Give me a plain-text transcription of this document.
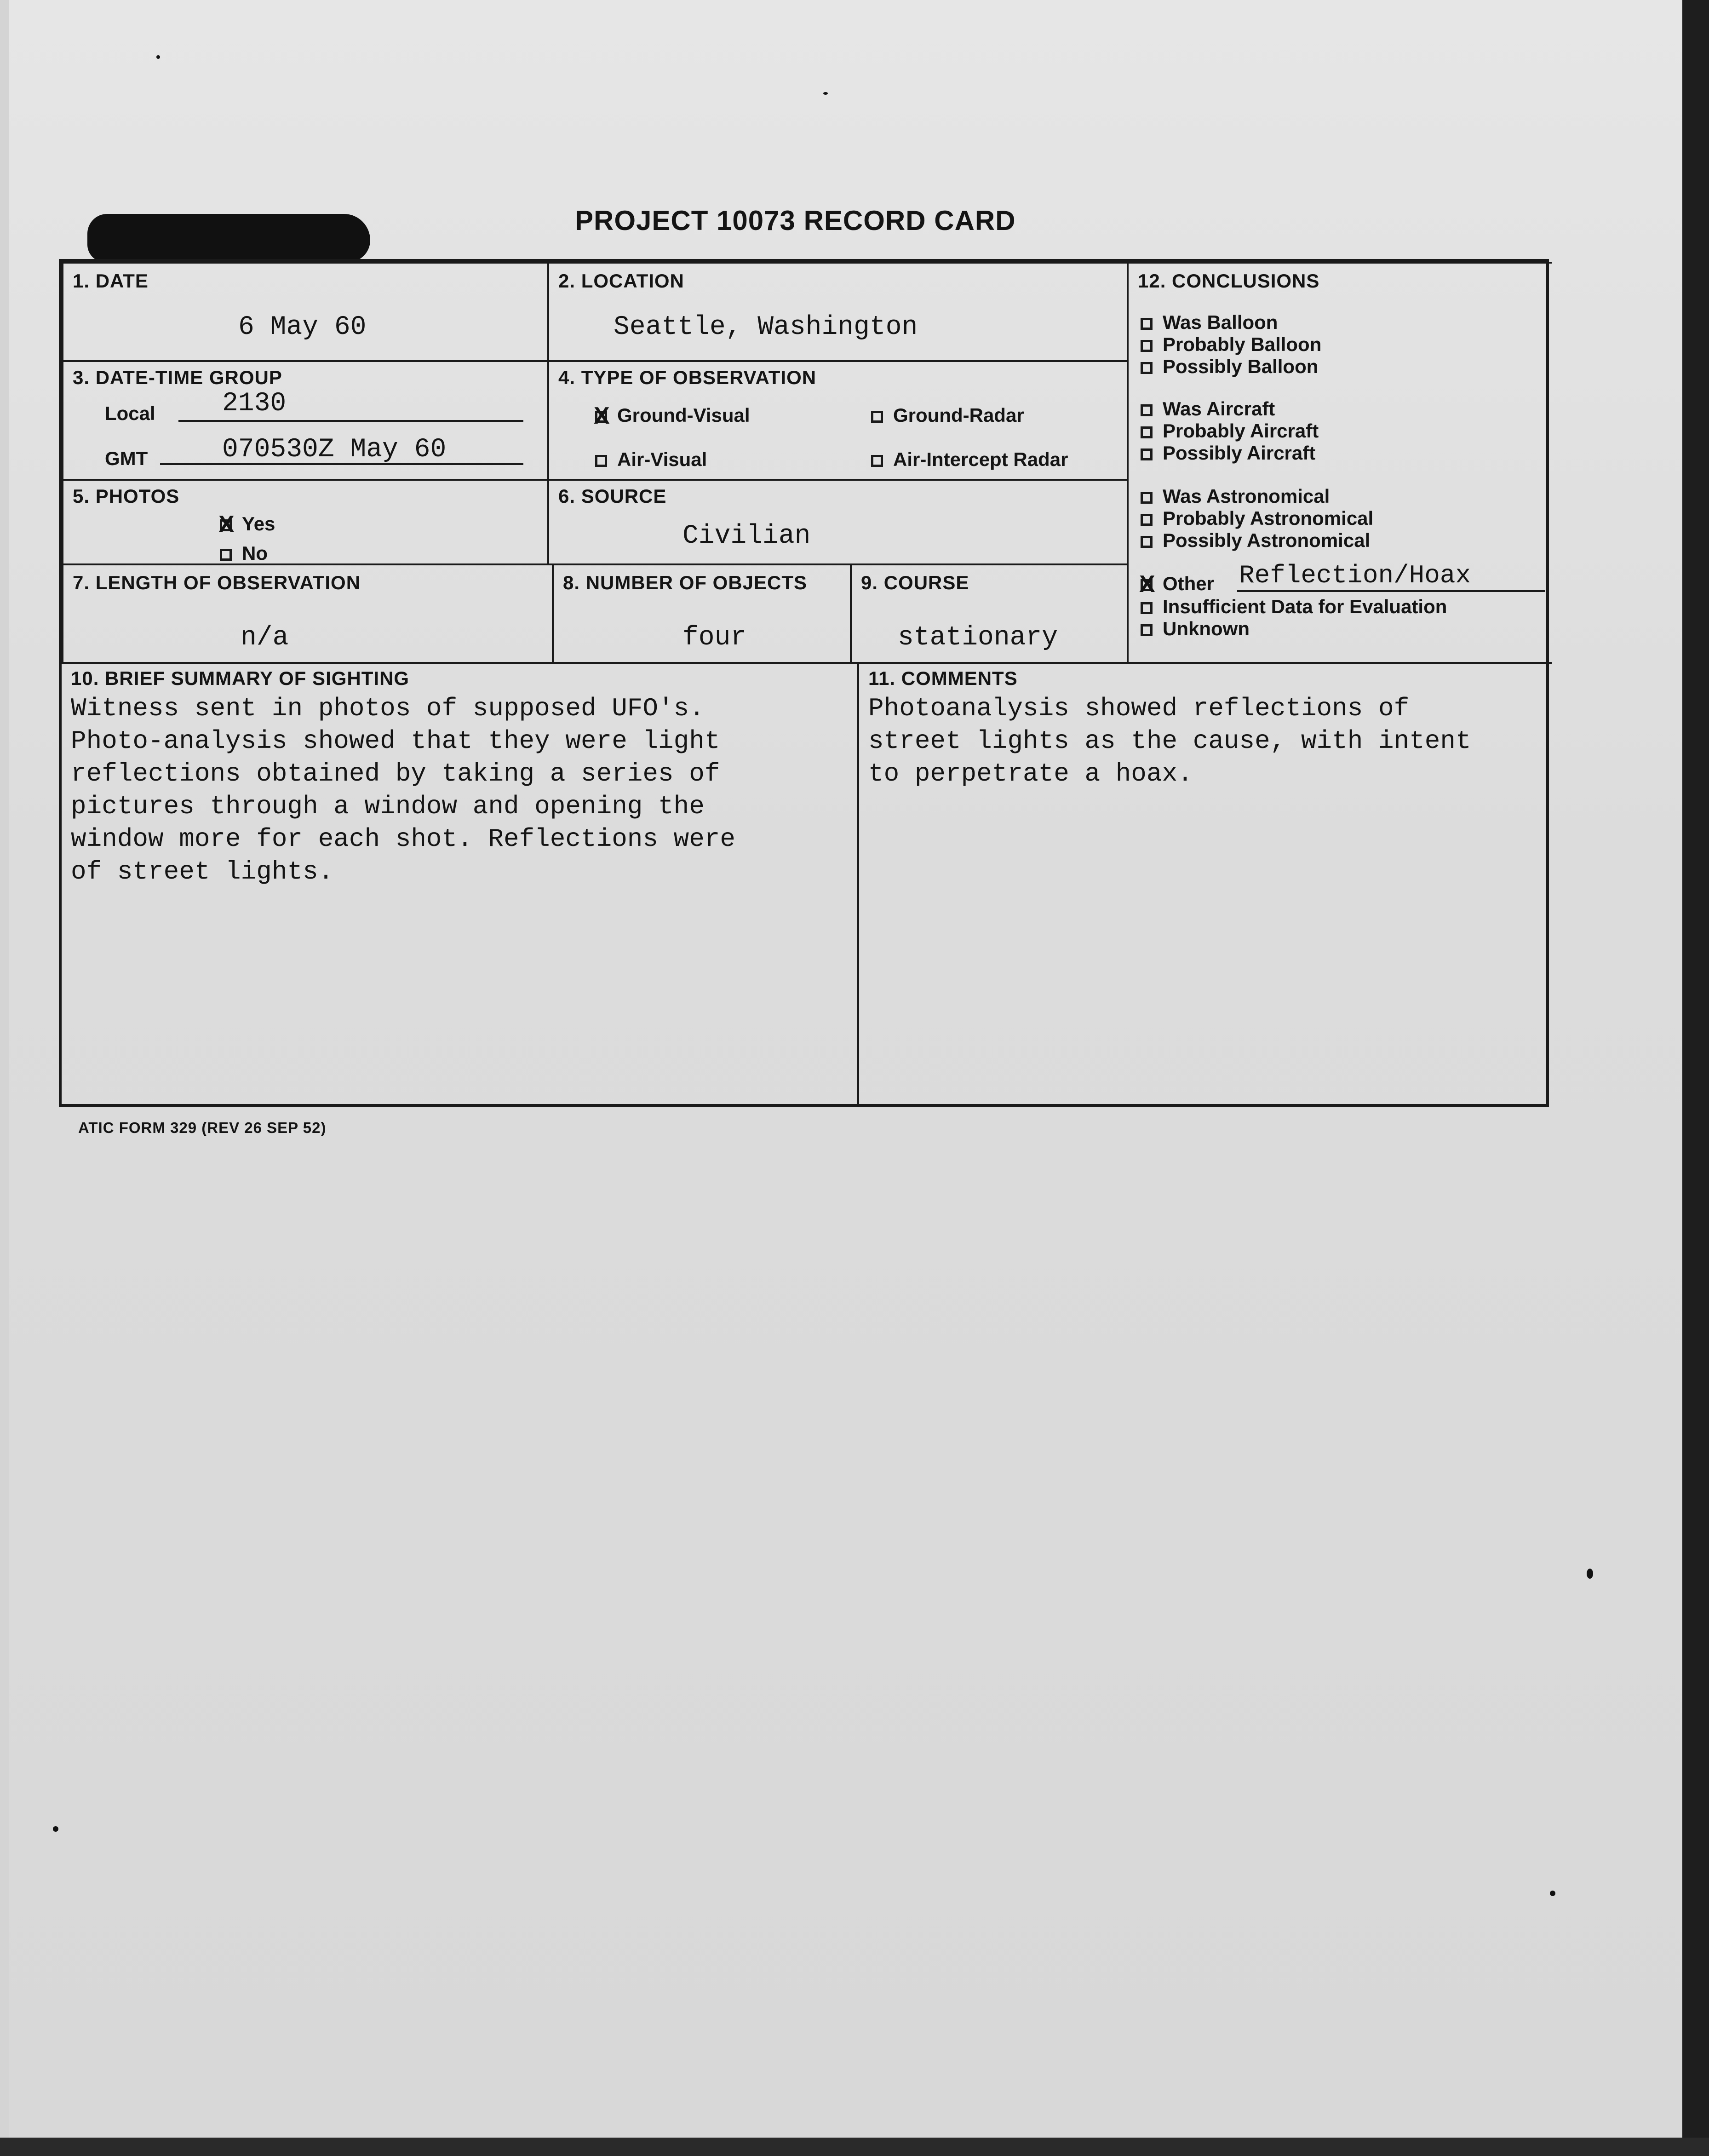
PROJECT 10073 RECORD CARD
1. DATE
6 May 60
2. LOCATION
Seattle, Washington
3. DATE-TIME GROUP
Local	2130
GMT	070530Z May 60
4. TYPE OF OBSERVATION
XGround-Visual	Ground-Radar
Air-Visual	Air-Intercept Radar
5. PHOTOS
XYes
No
6. SOURCE
Civilian
7. LENGTH OF OBSERVATION
n/a
8. NUMBER OF OBJECTS
four
9. COURSE
stationary
12. CONCLUSIONS
Was Balloon
Probably Balloon
Possibly Balloon
Was Aircraft
Probably Aircraft
Possibly Aircraft
Was Astronomical
Probably Astronomical
Possibly Astronomical
XOther Reflection/Hoax
Insufficient Data for Evaluation
Unknown
10. BRIEF SUMMARY OF SIGHTING
Witness sent in photos of supposed UFO's.
Photo-analysis showed that they were light
reflections obtained by taking a series of
pictures through a window and opening the
window more for each shot. Reflections were
of street lights.
11. COMMENTS
Photoanalysis showed reflections of
street lights as the cause, with intent
to perpetrate a hoax.
ATIC FORM 329 (REV 26 SEP 52)
